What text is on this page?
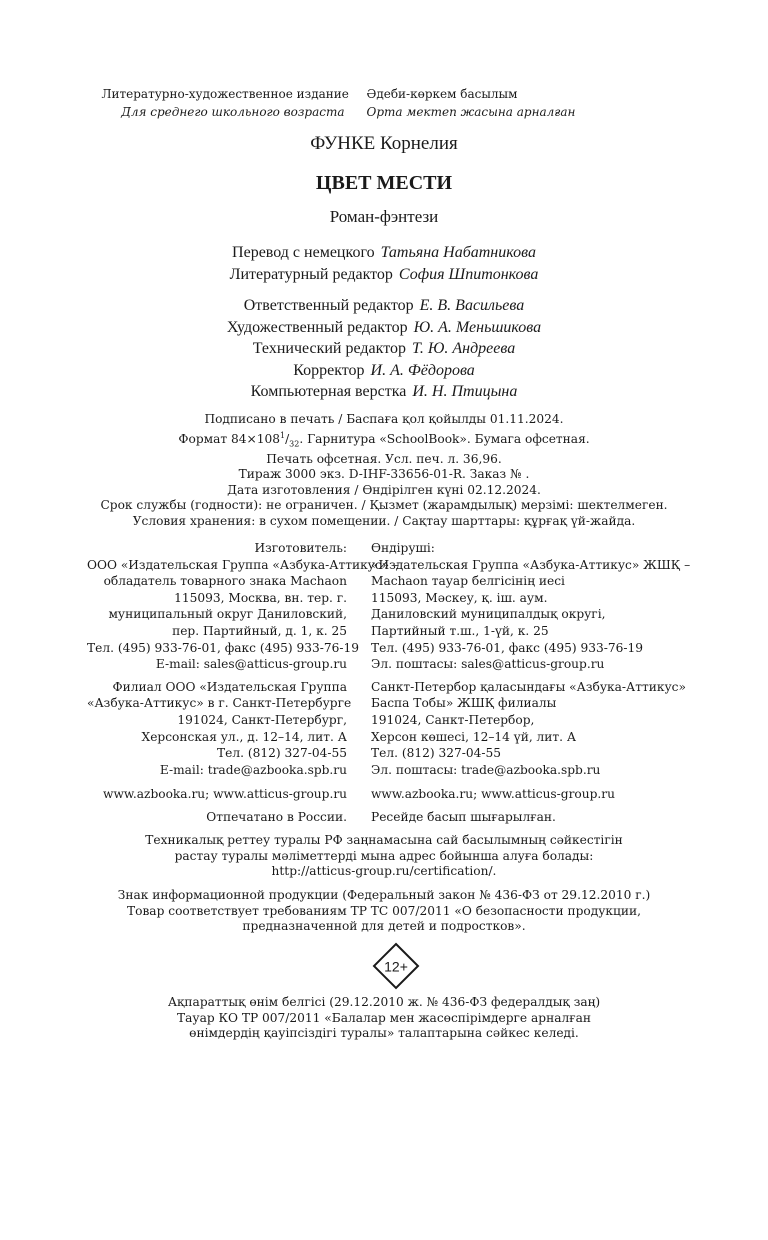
Литературно-художественное издание
Для среднего школьного возраста
Әдеби-көркем басылым
Орта мектеп жасына арналған
ФУНКЕ Корнелия
ЦВЕТ МЕСТИ
Роман-фэнтези
Перевод с немецкого Татьяна Набатникова
Литературный редактор София Шпитонкова
Ответственный редактор Е. В. Васильева
Художественный редактор Ю. А. Меньшикова
Технический редактор Т. Ю. Андреева
Корректор И. А. Фёдорова
Компьютерная верстка И. Н. Птицына
Подписано в печать / Баспаға қол қойылды 01.11.2024.
Формат $84\times 108^1/_{32}$. Гарнитура «SchoolBook». Бумага офсетная.
Печать офсетная. Усл. печ. л. 36,96.
Тираж 3000 экз. D-IHF-33656-01-R. Заказ № .
Дата изготовления / Өндірілген күні 02.12.2024.
Срок службы (годности): не ограничен. / Қызмет (жарамдылық) мерзімі: шектелмеген.
Условия хранения: в сухом помещении. / Сақтау шарттары: құрғақ үй-жайда.
Изготовитель:
ООО «Издательская Группа «Азбука-Аттикус» –
обладатель товарного знака Machaon
115093, Москва, вн. тер. г.
муниципальный округ Даниловский,
пер. Партийный, д. 1, к. 25
Тел. (495) 933-76-01, факс (495) 933-76-19
E-mail: sales@atticus-group.ru
Филиал ООО «Издательская Группа
«Азбука-Аттикус» в г. Санкт-Петербурге
191024, Санкт-Петербург,
Херсонская ул., д. 12–14, лит. А
Тел. (812) 327-04-55
E-mail: trade@azbooka.spb.ru
www.azbooka.ru; www.atticus-group.ru
Отпечатано в России.
Өндіруші:
«Издательская Группа «Азбука-Аттикус» ЖШҚ –
Machaon тауар белгісінің иесі
115093, Мәскеу, қ. іш. аум.
Даниловский муниципалдық округі,
Партийный т.ш., 1-үй, к. 25
Тел. (495) 933-76-01, факс (495) 933-76-19
Эл. поштасы: sales@atticus-group.ru
Санкт-Петербор қаласындағы «Азбука-Аттикус»
Баспа Тобы» ЖШҚ филиалы
191024, Санкт-Петербор,
Херсон көшесі, 12–14 үй, лит. А
Тел. (812) 327-04-55
Эл. поштасы: trade@azbooka.spb.ru
www.azbooka.ru; www.atticus-group.ru
Ресейде басып шығарылған.
Техникалық реттеу туралы РФ заңнамасына сай басылымның сәйкестігін
растау туралы мәліметтерді мына адрес бойынша алуға болады:
http://atticus-group.ru/certification/.
Знак информационной продукции (Федеральный закон № 436-ФЗ от 29.12.2010 г.)
Товар соответствует требованиям ТР ТС 007/2011 «О безопасности продукции,
предназначенной для детей и подростков».
12+
Ақпараттық өнім белгісі (29.12.2010 ж. № 436-ФЗ федералдық заң)
Тауар КО ТР 007/2011 «Балалар мен жасөспірімдерге арналған
өнімдердің қауіпсіздігі туралы» талаптарына сәйкес келеді.
